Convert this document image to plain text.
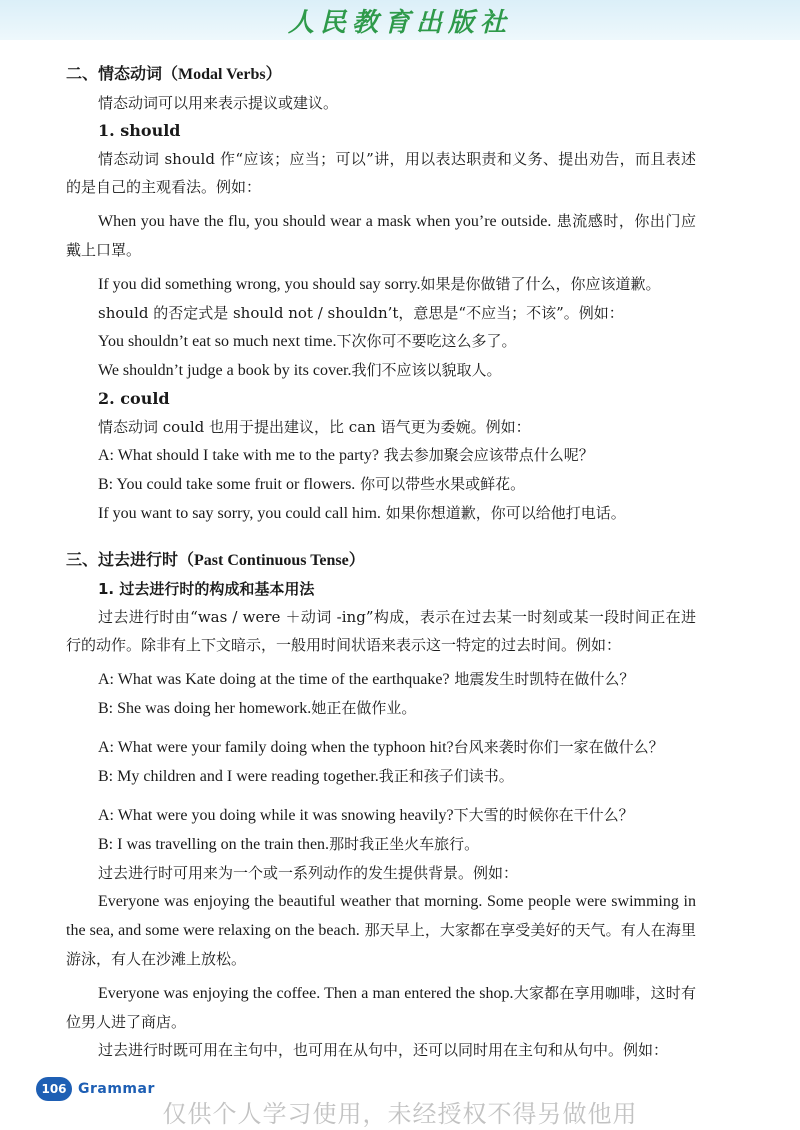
人民教育出版社
二、情态动词（Modal Verbs）

情态动词可以用来表示提议或建议。

1. should

情态动词 should 作“应该；应当；可以”讲，用以表达职责和义务、提出劝告，而且表述的是自己的主观看法。例如：

When you have the flu, you should wear a mask when you’re outside. 患流感时，你出门应戴上口罩。

If you did something wrong, you should say sorry.如果是你做错了什么，你应该道歉。

should 的否定式是 should not / shouldn’t，意思是“不应当；不该”。例如：

You shouldn’t eat so much next time.下次你可不要吃这么多了。

We shouldn’t judge a book by its cover.我们不应该以貌取人。

2. could

情态动词 could 也用于提出建议，比 can 语气更为委婉。例如：

A: What should I take with me to the party? 我去参加聚会应该带点什么呢？

B: You could take some fruit or flowers. 你可以带些水果或鲜花。

If you want to say sorry, you could call him. 如果你想道歉，你可以给他打电话。

三、过去进行时（Past Continuous Tense）
1. 过去进行时的构成和基本用法

过去进行时由“was / were ＋动词 -ing”构成，表示在过去某一时刻或某一段时间正在进行的动作。除非有上下文暗示，一般用时间状语来表示这一特定的过去时间。例如：

A: What was Kate doing at the time of the earthquake? 地震发生时凯特在做什么？

B: She was doing her homework.她正在做作业。

A: What were your family doing when the typhoon hit?台风来袭时你们一家在做什么？

B: My children and I were reading together.我正和孩子们读书。

A: What were you doing while it was snowing heavily?下大雪的时候你在干什么？

B: I was travelling on the train then.那时我正坐火车旅行。

过去进行时可用来为一个或一系列动作的发生提供背景。例如：

Everyone was enjoying the beautiful weather that morning. Some people were swimming in the sea, and some were relaxing on the beach. 那天早上，大家都在享受美好的天气。有人在海里游泳，有人在沙滩上放松。

Everyone was enjoying the coffee. Then a man entered the shop.大家都在享用咖啡，这时有位男人进了商店。

过去进行时既可用在主句中，也可用在从句中，还可以同时用在主句和从句中。例如：

106 Grammar
仅供个人学习使用，未经授权不得另做他用
